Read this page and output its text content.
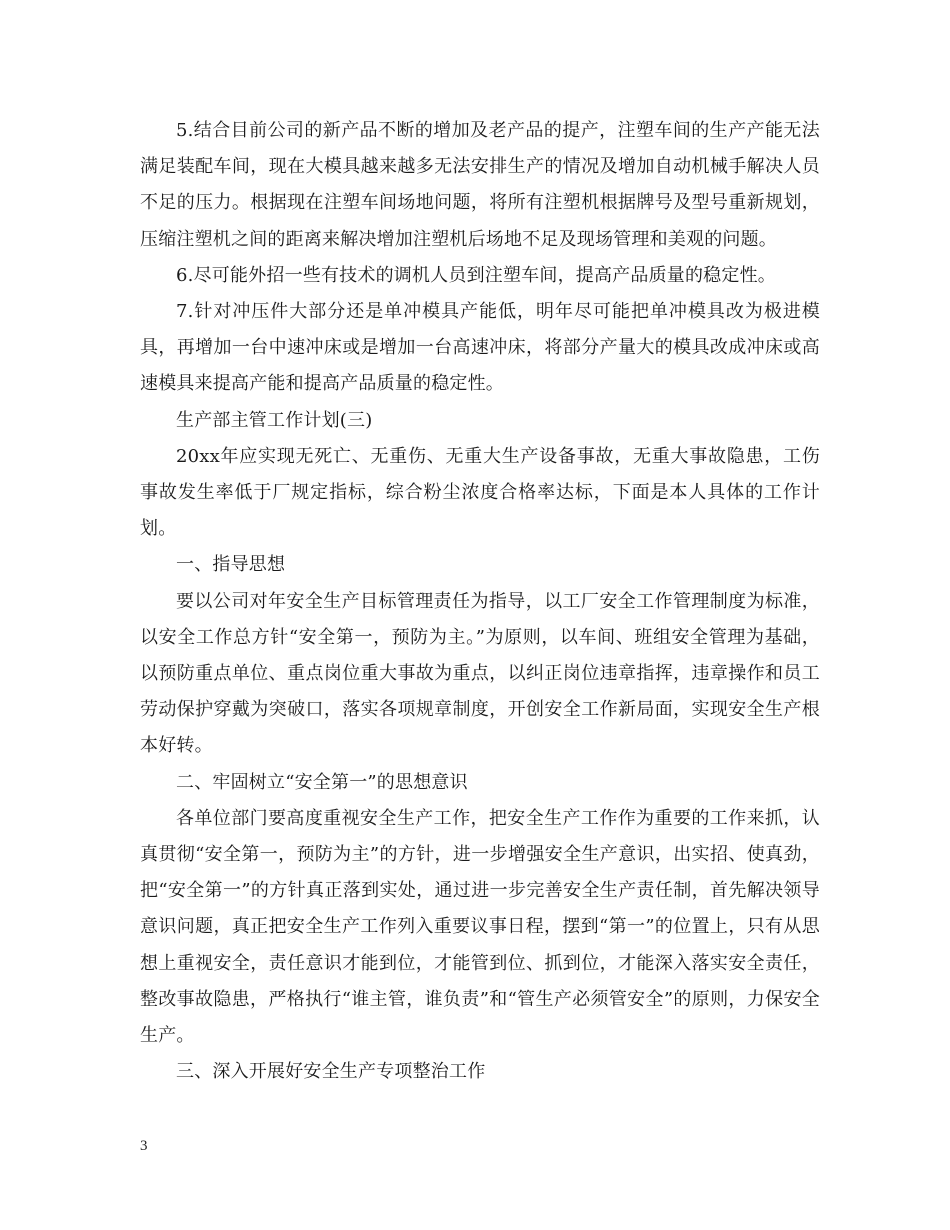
5.结合目前公司的新产品不断的增加及老产品的提产，注塑车间的生产产能无法满足装配车间，现在大模具越来越多无法安排生产的情况及增加自动机械手解决人员不足的压力。根据现在注塑车间场地问题，将所有注塑机根据牌号及型号重新规划，压缩注塑机之间的距离来解决增加注塑机后场地不足及现场管理和美观的问题。

6.尽可能外招一些有技术的调机人员到注塑车间，提高产品质量的稳定性。

7.针对冲压件大部分还是单冲模具产能低，明年尽可能把单冲模具改为极进模具，再增加一台中速冲床或是增加一台高速冲床，将部分产量大的模具改成冲床或高速模具来提高产能和提高产品质量的稳定性。

生产部主管工作计划(三)

20xx年应实现无死亡、无重伤、无重大生产设备事故，无重大事故隐患，工伤事故发生率低于厂规定指标，综合粉尘浓度合格率达标，下面是本人具体的工作计划。

一、指导思想

要以公司对年安全生产目标管理责任为指导，以工厂安全工作管理制度为标准，以安全工作总方针“安全第一，预防为主。”为原则，以车间、班组安全管理为基础，以预防重点单位、重点岗位重大事故为重点，以纠正岗位违章指挥，违章操作和员工劳动保护穿戴为突破口，落实各项规章制度，开创安全工作新局面，实现安全生产根本好转。

二、牢固树立“安全第一”的思想意识

各单位部门要高度重视安全生产工作，把安全生产工作作为重要的工作来抓，认真贯彻“安全第一，预防为主”的方针，进一步增强安全生产意识，出实招、使真劲，把“安全第一”的方针真正落到实处，通过进一步完善安全生产责任制，首先解决领导意识问题，真正把安全生产工作列入重要议事日程，摆到“第一”的位置上，只有从思想上重视安全，责任意识才能到位，才能管到位、抓到位，才能深入落实安全责任，整改事故隐患，严格执行“谁主管，谁负责”和“管生产必须管安全”的原则，力保安全生产。

三、深入开展好安全生产专项整治工作

3
